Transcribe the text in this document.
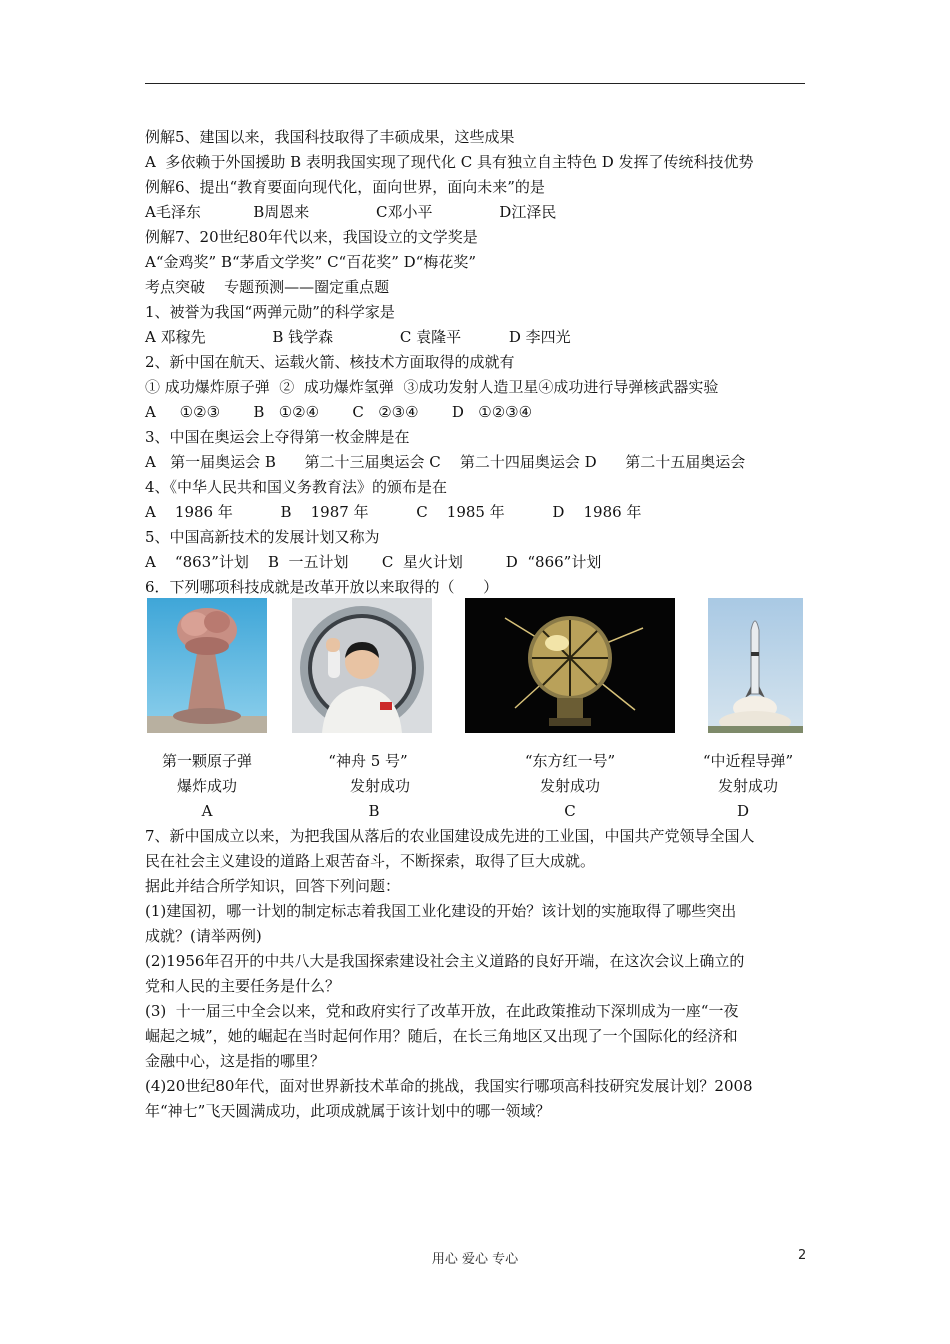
例解5、建国以来，我国科技取得了丰硕成果，这些成果
A  多依赖于外国援助 B 表明我国实现了现代化 C 具有独立自主特色 D 发挥了传统科技优势
例解6、提出“教育要面向现代化，面向世界，面向未来”的是
A毛泽东           B周恩来              C邓小平              D江泽民
例解7、20世纪80年代以来，我国设立的文学奖是
A“金鸡奖” B“茅盾文学奖” C“百花奖” D“梅花奖”
考点突破    专题预测——圈定重点题
1、被誉为我国“两弹元勋”的科学家是
A 邓稼先              B 钱学森              C 袁隆平          D 李四光
2、新中国在航天、运载火箭、核技术方面取得的成就有
① 成功爆炸原子弹  ②  成功爆炸氢弹  ③成功发射人造卫星④成功进行导弹核武器实验
A     ①②③       B   ①②④       C   ②③④       D   ①②③④
3、中国在奥运会上夺得第一枚金牌是在
A   第一届奥运会 B      第二十三届奥运会 C    第二十四届奥运会 D      第二十五届奥运会
4、《中华人民共和国义务教育法》的颁布是在
A    1986 年          B    1987 年          C    1985 年          D    1986 年
5、中国高新技术的发展计划又称为
A    “863”计划    B  一五计划       C  星火计划         D  “866”计划
6．下列哪项科技成就是改革开放以来取得的（      ）
第一颗原子弹
爆炸成功
A
“神舟 5 号”
发射成功
B
“东方红一号”
发射成功
C
“中近程导弹”
发射成功
D
7、新中国成立以来，为把我国从落后的农业国建设成先进的工业国，中国共产党领导全国人
民在社会主义建设的道路上艰苦奋斗，不断探索，取得了巨大成就。
据此并结合所学知识，回答下列问题：
(1)建国初，哪一计划的制定标志着我国工业化建设的开始？该计划的实施取得了哪些突出
成就？(请举两例)
(2)1956年召开的中共八大是我国探索建设社会主义道路的良好开端，在这次会议上确立的
党和人民的主要任务是什么？
(3)  十一届三中全会以来，党和政府实行了改革开放，在此政策推动下深圳成为一座“一夜
崛起之城”，她的崛起在当时起何作用？随后，在长三角地区又出现了一个国际化的经济和
金融中心，这是指的哪里？
(4)20世纪80年代，面对世界新技术革命的挑战，我国实行哪项高科技研究发展计划？2008
年“神七”飞天圆满成功，此项成就属于该计划中的哪一领域？
用心 爱心 专心	2
